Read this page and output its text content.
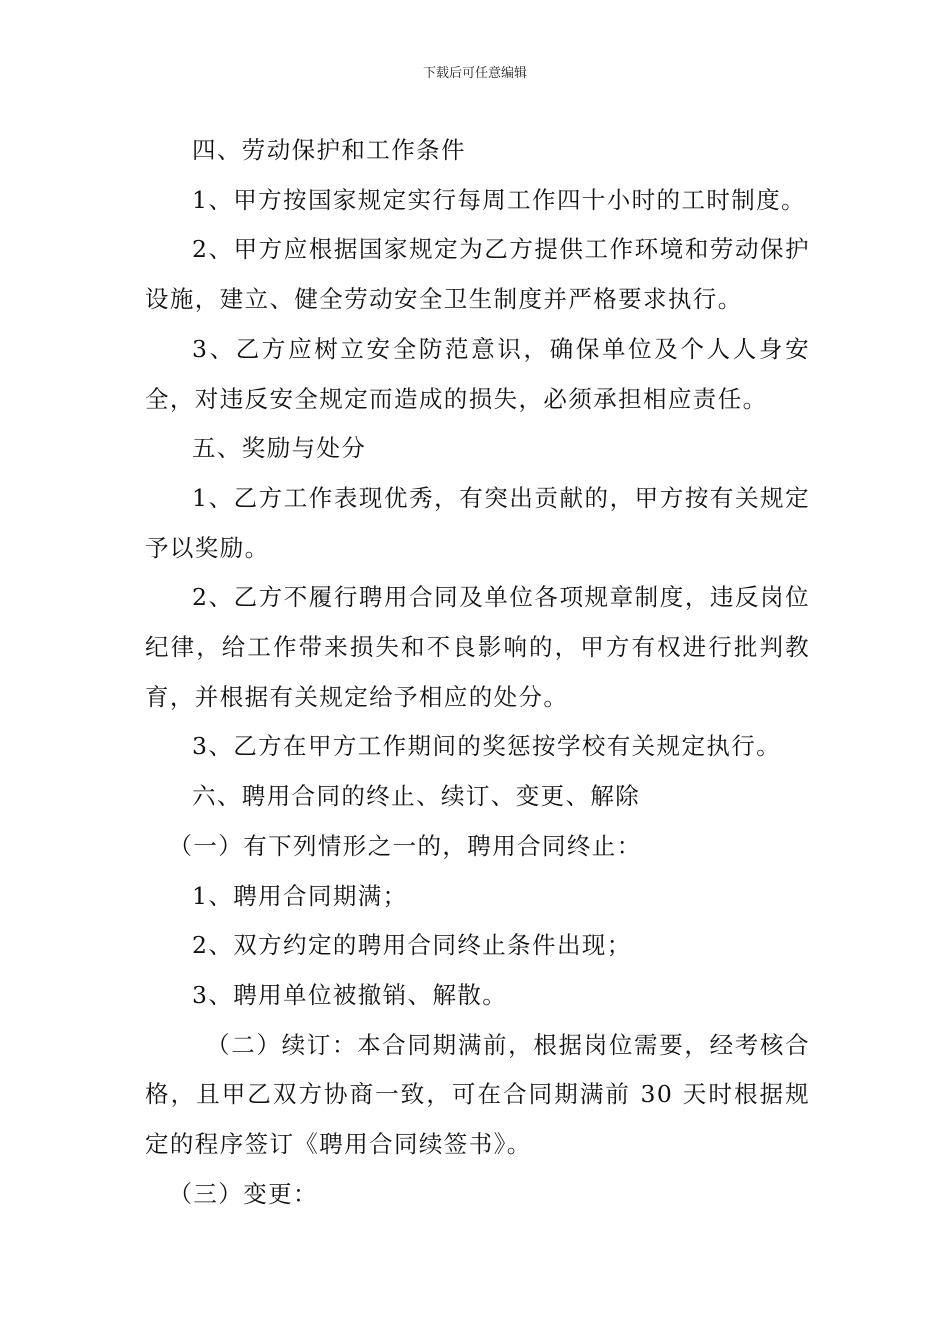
下载后可任意编辑

四、劳动保护和工作条件

1、甲方按国家规定实行每周工作四十小时的工时制度。

2、甲方应根据国家规定为乙方提供工作环境和劳动保护设施，建立、健全劳动安全卫生制度并严格要求执行。

3、乙方应树立安全防范意识，确保单位及个人人身安全，对违反安全规定而造成的损失，必须承担相应责任。

五、奖励与处分

1、乙方工作表现优秀，有突出贡献的，甲方按有关规定予以奖励。

2、乙方不履行聘用合同及单位各项规章制度，违反岗位纪律，给工作带来损失和不良影响的，甲方有权进行批判教育，并根据有关规定给予相应的处分。

3、乙方在甲方工作期间的奖惩按学校有关规定执行。

六、聘用合同的终止、续订、变更、解除

（一）有下列情形之一的，聘用合同终止：

1、聘用合同期满；

2、双方约定的聘用合同终止条件出现；

3、聘用单位被撤销、解散。

（二）续订：本合同期满前，根据岗位需要，经考核合格，且甲乙双方协商一致，可在合同期满前 30 天时根据规定的程序签订《聘用合同续签书》。

（三）变更：
